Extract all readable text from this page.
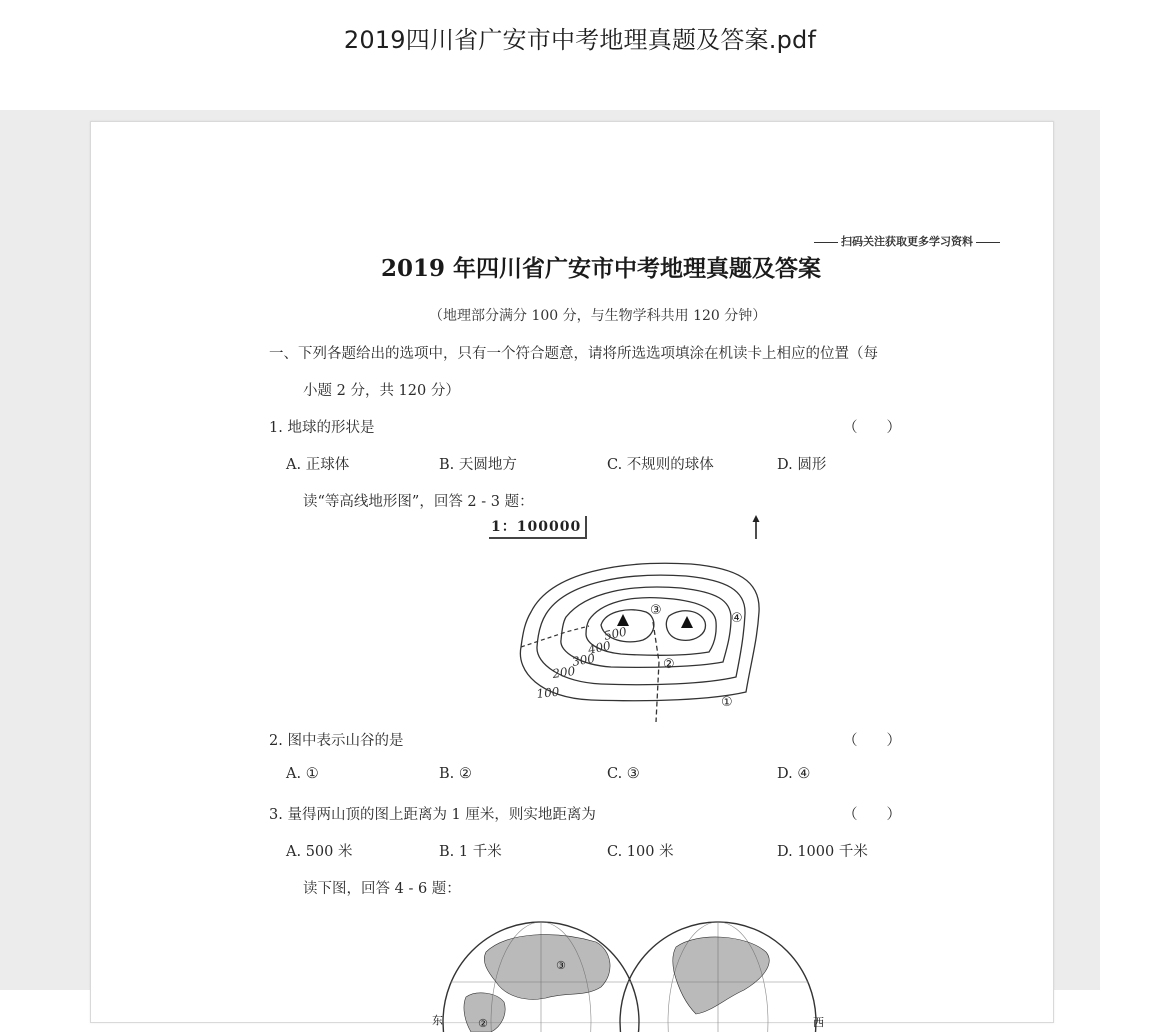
2019四川省广安市中考地理真题及答案.pdf
扫码关注获取更多学习资料
2019 年四川省广安市中考地理真题及答案
（地理部分满分 100 分，与生物学科共用 120 分钟）
一、下列各题给出的选项中，只有一个符合题意，请将所选选项填涂在机读卡上相应的位置（每
小题 2 分，共 120 分）
1. 地球的形状是	（　　）
A. 正球体	B. 天圆地方	C. 不规则的球体	D. 圆形
读“等高线地形图”，回答 2 - 3 题：
1：100000
500
400
300
200
100
①
②
③
④
2. 图中表示山谷的是	（　　）
A. ①	B. ②	C. ③	D. ④
3. 量得两山顶的图上距离为 1 厘米，则实地距离为	（　　）
A. 500 米	B. 1 千米	C. 100 米	D. 1000 千米
读下图，回答 4 - 6 题：
东	西
③
②
